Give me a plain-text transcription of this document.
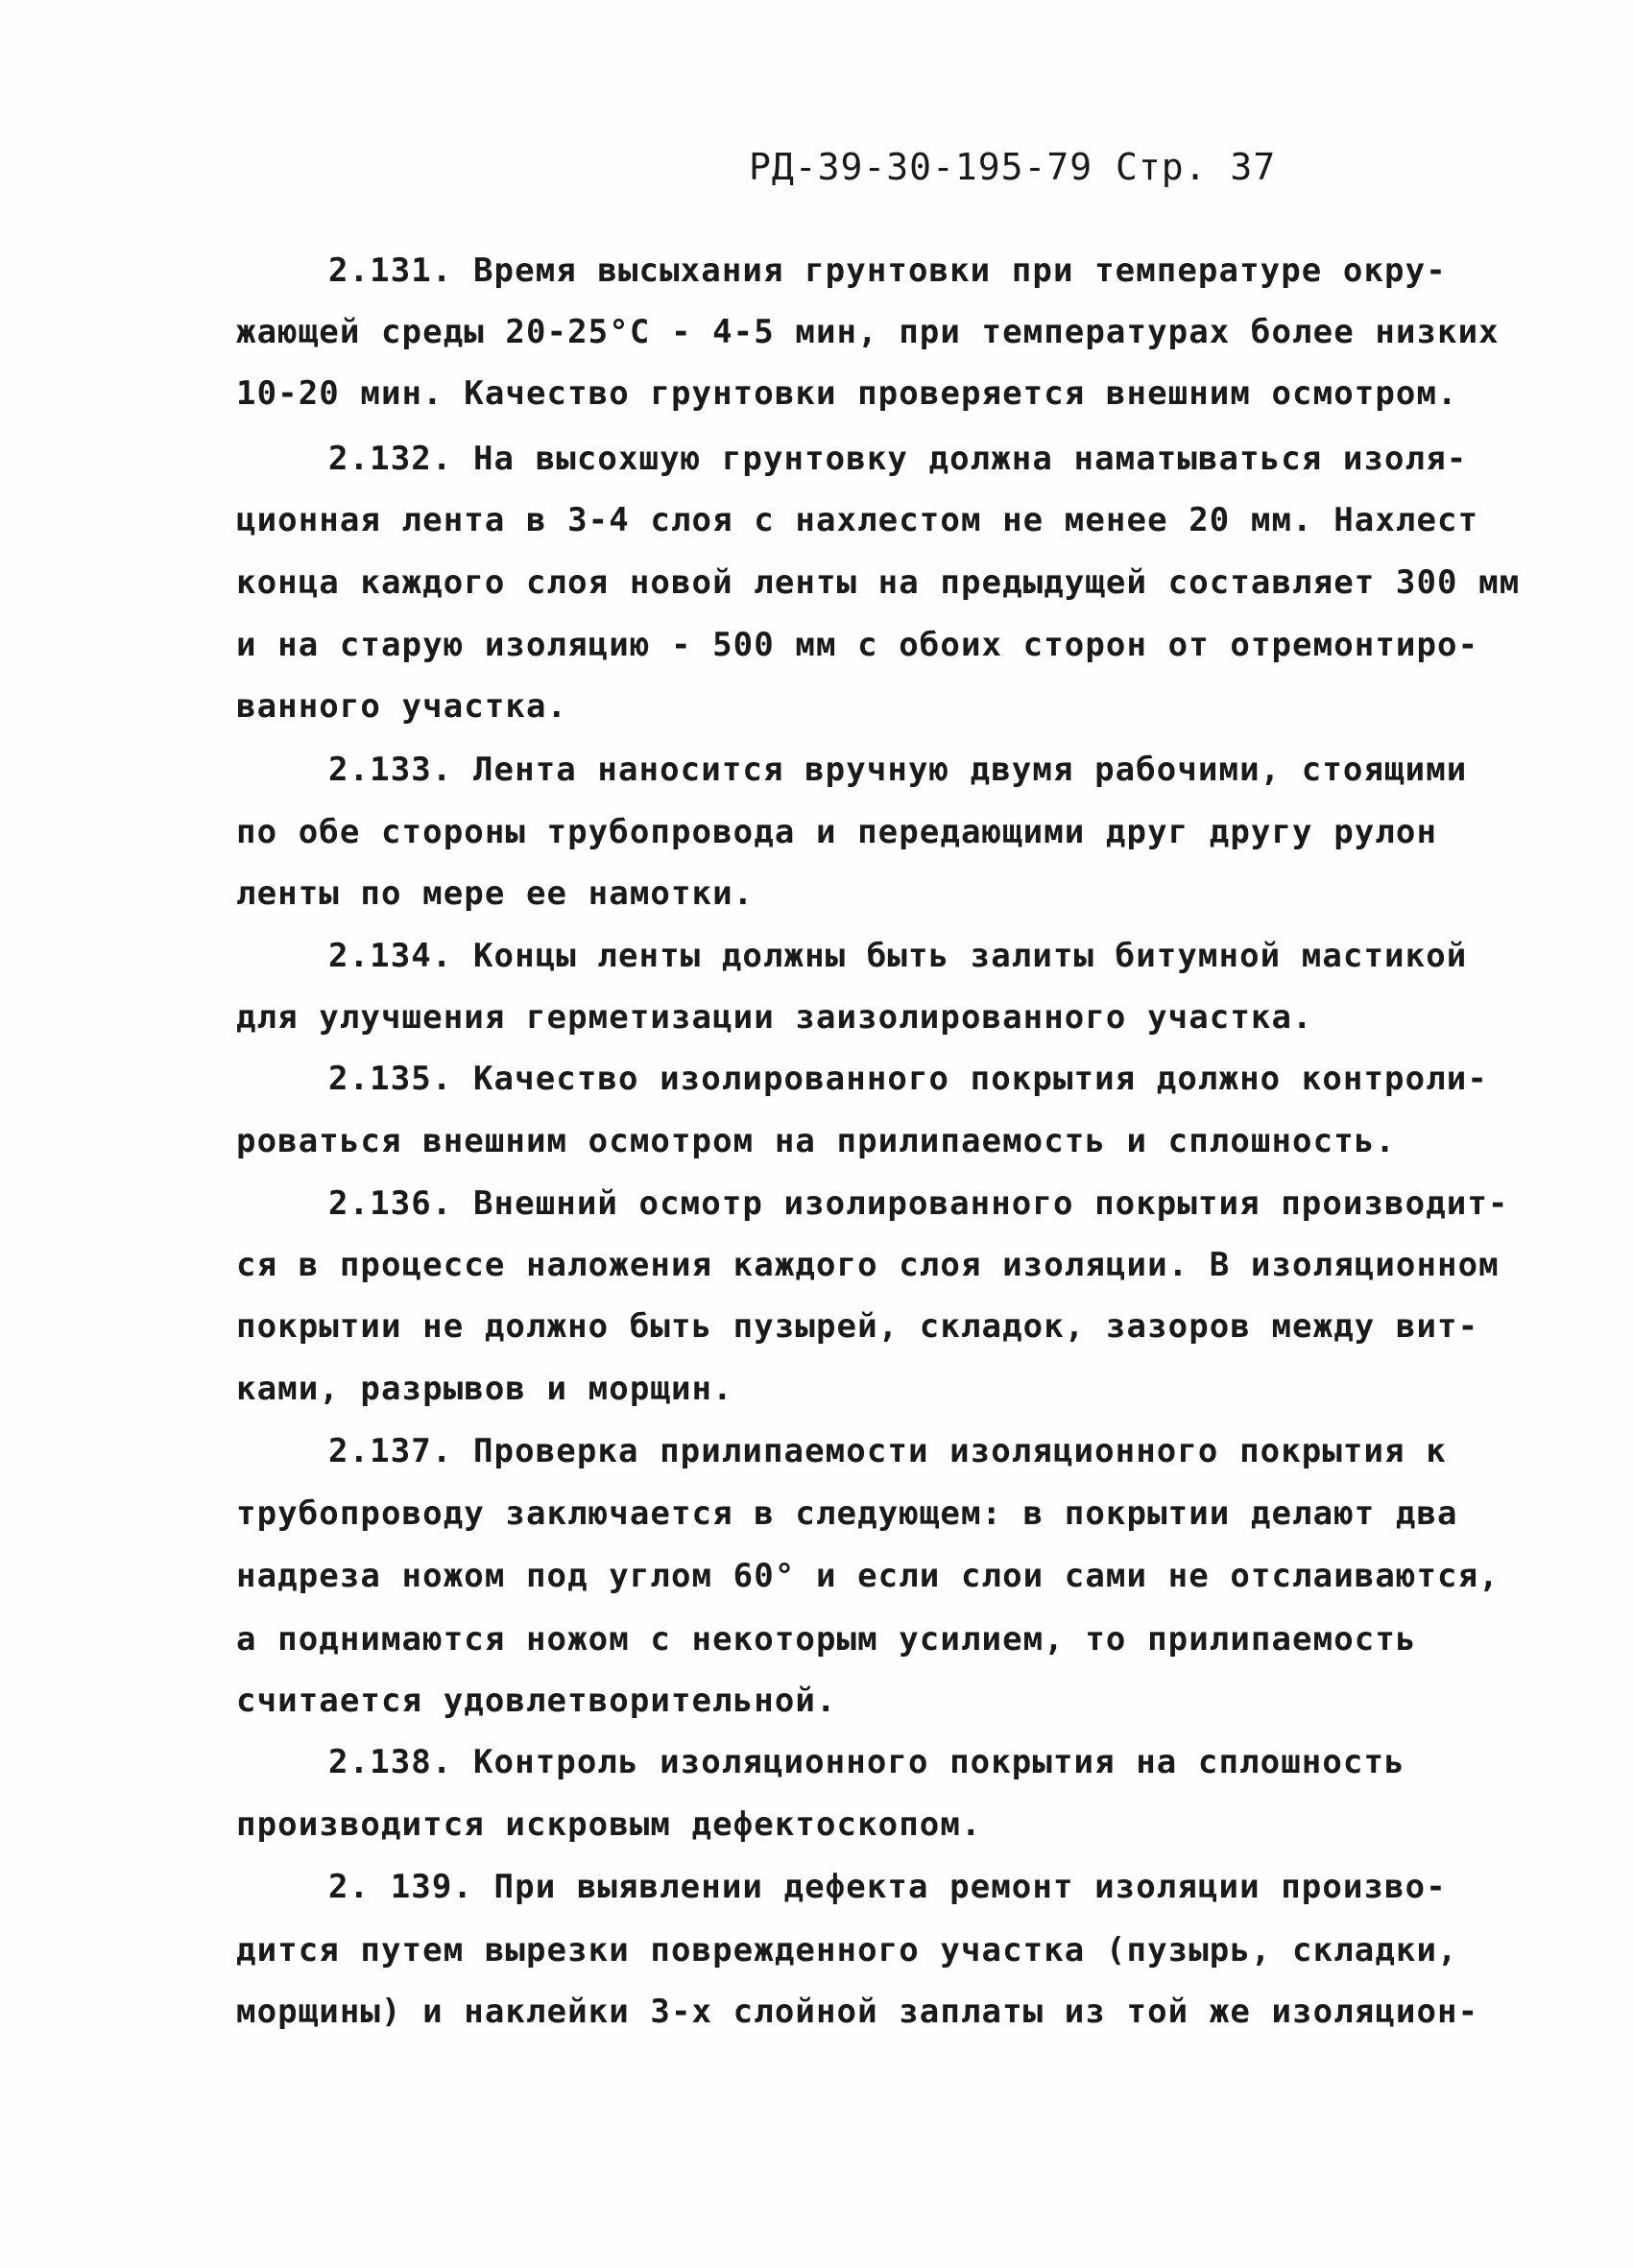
РД-39-30-195-79 Стр. 37
2.131. Время высыхания грунтовки при температуре окру-
жающей среды 20-25°С - 4-5 мин, при температурах более низких
10-20 мин. Качество грунтовки проверяется внешним осмотром.
2.132. На высохшую грунтовку должна наматываться изоля-
ционная лента в 3-4 слоя с нахлестом не менее 20 мм. Нахлест
конца каждого слоя новой ленты на предыдущей составляет 300 мм
и на старую изоляцию - 500 мм с обоих сторон от отремонтиро-
ванного участка.
2.133. Лента наносится вручную двумя рабочими, стоящими
по обе стороны трубопровода и передающими друг другу рулон
ленты по мере ее намотки.
2.134. Концы ленты должны быть залиты битумной мастикой
для улучшения герметизации заизолированного участка.
2.135. Качество изолированного покрытия должно контроли-
роваться внешним осмотром на прилипаемость и сплошность.
2.136. Внешний осмотр изолированного покрытия производит-
ся в процессе наложения каждого слоя изоляции. В изоляционном
покрытии не должно быть пузырей, складок, зазоров между вит-
ками, разрывов и морщин.
2.137. Проверка прилипаемости изоляционного покрытия к
трубопроводу заключается в следующем: в покрытии делают два
надреза ножом под углом 60° и если слои сами не отслаиваются,
а поднимаются ножом с некоторым усилием, то прилипаемость
считается удовлетворительной.
2.138. Контроль изоляционного покрытия на сплошность
производится искровым дефектоскопом.
2. 139. При выявлении дефекта ремонт изоляции произво-
дится путем вырезки поврежденного участка (пузырь, складки,
морщины) и наклейки 3-х слойной заплаты из той же изоляцион-
